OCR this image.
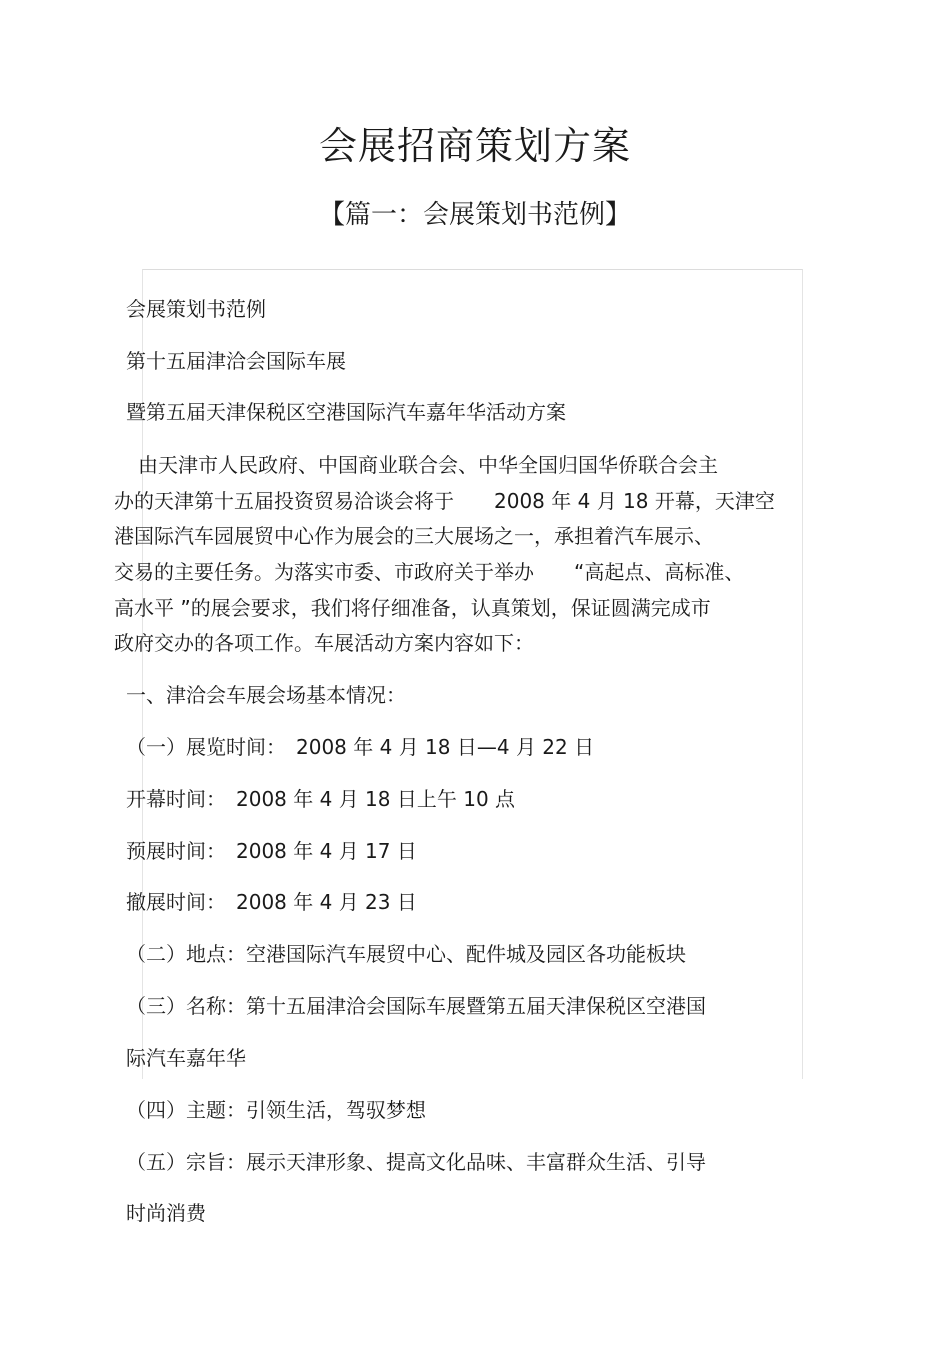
会展招商策划方案
【篇一：会展策划书范例】

会展策划书范例

第十五届津洽会国际车展

暨第五届天津保税区空港国际汽车嘉年华活动方案

由天津市人民政府、中国商业联合会、中华全国归国华侨联合会主

办的天津第十五届投资贸易洽谈会将于　　2008 年 4 月 18 开幕，天津空

港国际汽车园展贸中心作为展会的三大展场之一，承担着汽车展示、

交易的主要任务。为落实市委、市政府关于举办　　“高起点、高标准、

高水平 ”的展会要求，我们将仔细准备，认真策划，保证圆满完成市

政府交办的各项工作。车展活动方案内容如下：

一、津洽会车展会场基本情况：

（一）展览时间：　2008 年 4 月 18 日—4 月 22 日

开幕时间：　2008 年 4 月 18 日上午 10 点

预展时间：　2008 年 4 月 17 日

撤展时间：　2008 年 4 月 23 日

（二）地点：空港国际汽车展贸中心、配件城及园区各功能板块

（三）名称：第十五届津洽会国际车展暨第五届天津保税区空港国

际汽车嘉年华

（四）主题：引领生活，驾驭梦想

（五）宗旨：展示天津形象、提高文化品味、丰富群众生活、引导

时尚消费
